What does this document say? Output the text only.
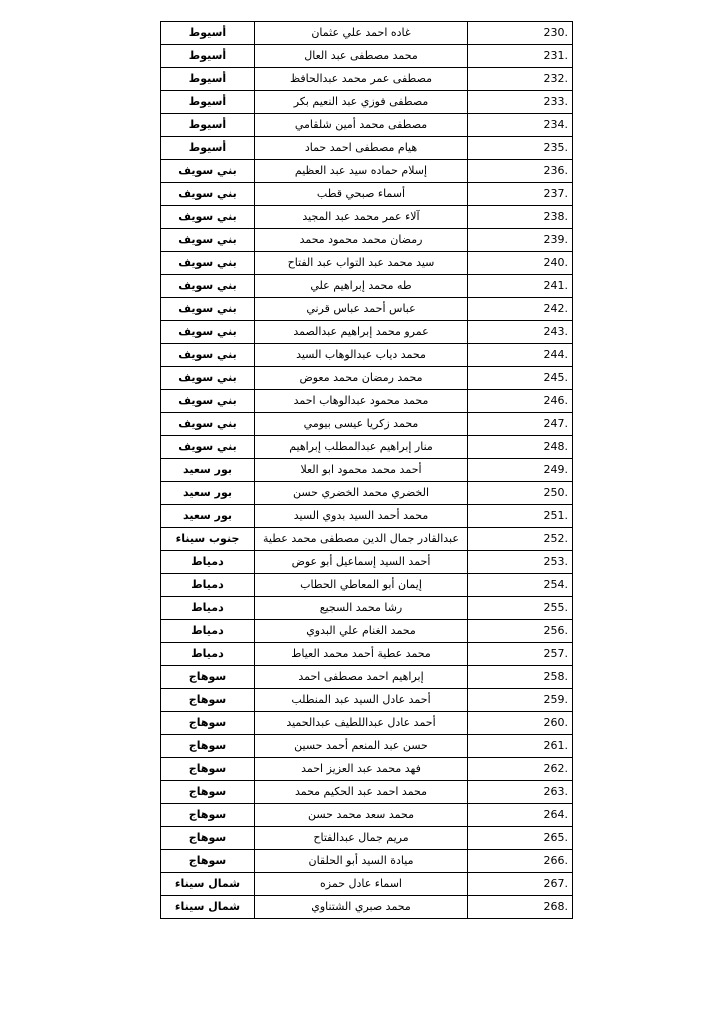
أسيوط	غاده احمد علي عثمان	230.
أسيوط	محمد مصطفى عبد العال	231.
أسيوط	مصطفى عمر محمد عبدالحافظ	232.
أسيوط	مصطفى فوزي عبد النعيم بكر	233.
أسيوط	مصطفى محمد أمين شلقامي	234.
أسيوط	هيام مصطفى احمد حماد	235.
بني سويف	إسلام حماده سيد عبد العظيم	236.
بني سويف	أسماء صبحي قطب	237.
بني سويف	آلاء عمر محمد عبد المجيد	238.
بني سويف	رمضان محمد محمود محمد	239.
بني سويف	سيد محمد عبد التواب عبد الفتاح	240.
بني سويف	طه محمد إبراهيم علي	241.
بني سويف	عباس أحمد عباس قرني	242.
بني سويف	عمرو محمد إبراهيم عبدالصمد	243.
بني سويف	محمد دياب عبدالوهاب السيد	244.
بني سويف	محمد رمضان محمد معوض	245.
بني سويف	محمد محمود عبدالوهاب احمد	246.
بني سويف	محمد زكريا عيسى بيومي	247.
بني سويف	منار إبراهيم عبدالمطلب إبراهيم	248.
بور سعيد	أحمد محمد محمود ابو العلا	249.
بور سعيد	الخضري محمد الخضري حسن	250.
بور سعيد	محمد أحمد السيد بدوي السيد	251.
جنوب سيناء	عبدالقادر جمال الدين مصطفى محمد عطية	252.
دمياط	أحمد السيد إسماعيل أبو عوض	253.
دمياط	إيمان أبو المعاطي الحطاب	254.
دمياط	رشا محمد السجيع	255.
دمياط	محمد الغنام علي البدوي	256.
دمياط	محمد عطية أحمد محمد العياط	257.
سوهاج	إبراهيم احمد مصطفى احمد	258.
سوهاج	أحمد عادل السيد عبد المنطلب	259.
سوهاج	أحمد عادل عبداللطيف عبدالحميد	260.
سوهاج	حسن عبد المنعم أحمد حسين	261.
سوهاج	فهد محمد عبد العزيز احمد	262.
سوهاج	محمد احمد عبد الحكيم محمد	263.
سوهاج	محمد سعد محمد حسن	264.
سوهاج	مريم جمال عبدالفتاح	265.
سوهاج	ميادة السيد أبو الحلقان	266.
شمال سيناء	اسماء عادل حمزه	267.
شمال سيناء	محمد صبري الشتناوي	268.
